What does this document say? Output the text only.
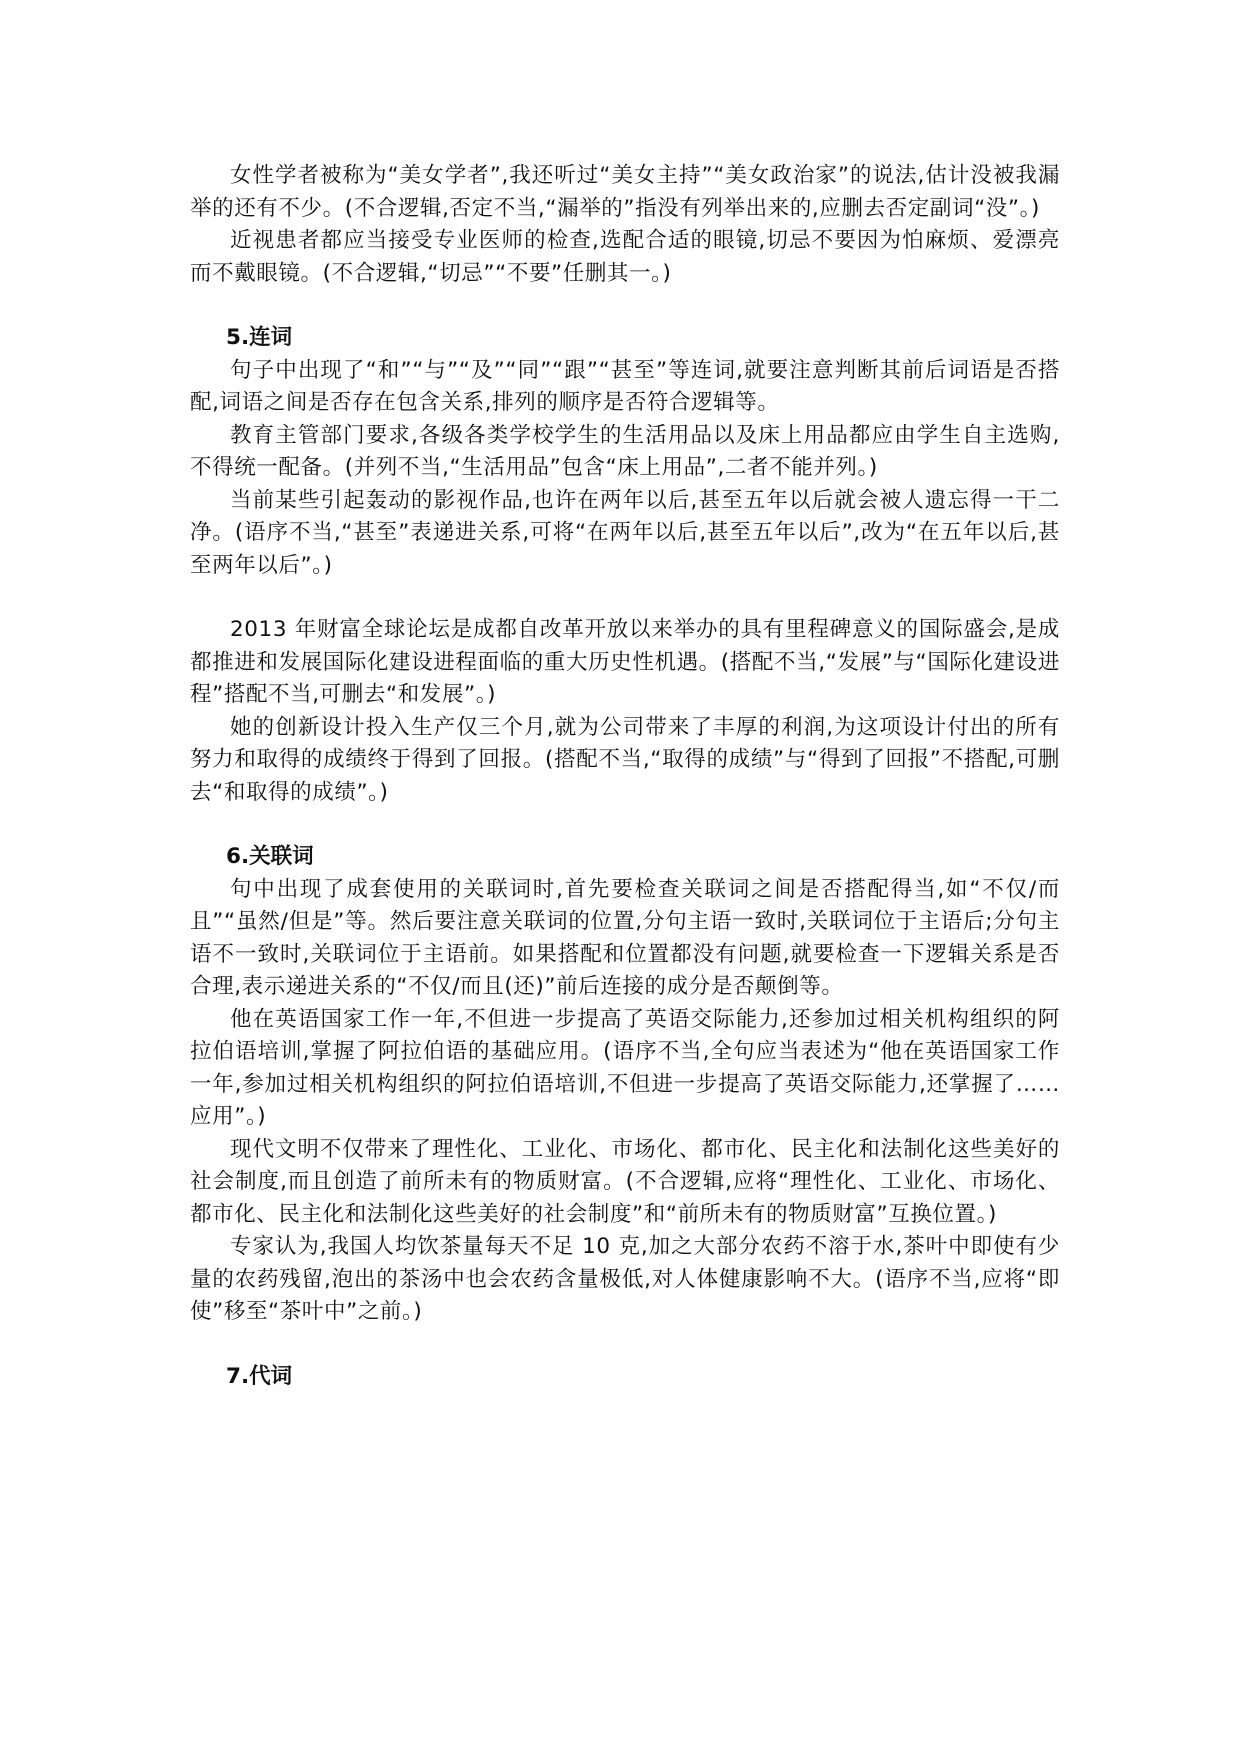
女性学者被称为“美女学者”,我还听过“美女主持”“美女政治家”的说法,估计没被我漏举的还有不少。(不合逻辑,否定不当,“漏举的”指没有列举出来的,应删去否定副词“没”。)

近视患者都应当接受专业医师的检查,选配合适的眼镜,切忌不要因为怕麻烦、爱漂亮而不戴眼镜。(不合逻辑,“切忌”“不要”任删其一。)

5.连词

句子中出现了“和”“与”“及”“同”“跟”“甚至”等连词,就要注意判断其前后词语是否搭配,词语之间是否存在包含关系,排列的顺序是否符合逻辑等。

教育主管部门要求,各级各类学校学生的生活用品以及床上用品都应由学生自主选购,不得统一配备。(并列不当,“生活用品”包含“床上用品”,二者不能并列。)

当前某些引起轰动的影视作品,也许在两年以后,甚至五年以后就会被人遗忘得一干二净。(语序不当,“甚至”表递进关系,可将“在两年以后,甚至五年以后”,改为“在五年以后,甚至两年以后”。)

2013 年财富全球论坛是成都自改革开放以来举办的具有里程碑意义的国际盛会,是成都推进和发展国际化建设进程面临的重大历史性机遇。(搭配不当,“发展”与“国际化建设进程”搭配不当,可删去“和发展”。)

她的创新设计投入生产仅三个月,就为公司带来了丰厚的利润,为这项设计付出的所有努力和取得的成绩终于得到了回报。(搭配不当,“取得的成绩”与“得到了回报”不搭配,可删去“和取得的成绩”。)

6.关联词

句中出现了成套使用的关联词时,首先要检查关联词之间是否搭配得当,如“不仅/而且”“虽然/但是”等。然后要注意关联词的位置,分句主语一致时,关联词位于主语后;分句主语不一致时,关联词位于主语前。如果搭配和位置都没有问题,就要检查一下逻辑关系是否合理,表示递进关系的“不仅/而且(还)”前后连接的成分是否颠倒等。

他在英语国家工作一年,不但进一步提高了英语交际能力,还参加过相关机构组织的阿拉伯语培训,掌握了阿拉伯语的基础应用。(语序不当,全句应当表述为“他在英语国家工作一年,参加过相关机构组织的阿拉伯语培训,不但进一步提高了英语交际能力,还掌握了……应用”。)

现代文明不仅带来了理性化、工业化、市场化、都市化、民主化和法制化这些美好的社会制度,而且创造了前所未有的物质财富。(不合逻辑,应将“理性化、工业化、市场化、都市化、民主化和法制化这些美好的社会制度”和“前所未有的物质财富”互换位置。)

专家认为,我国人均饮茶量每天不足 10 克,加之大部分农药不溶于水,茶叶中即使有少量的农药残留,泡出的茶汤中也会农药含量极低,对人体健康影响不大。(语序不当,应将“即使”移至“茶叶中”之前。)

7.代词
